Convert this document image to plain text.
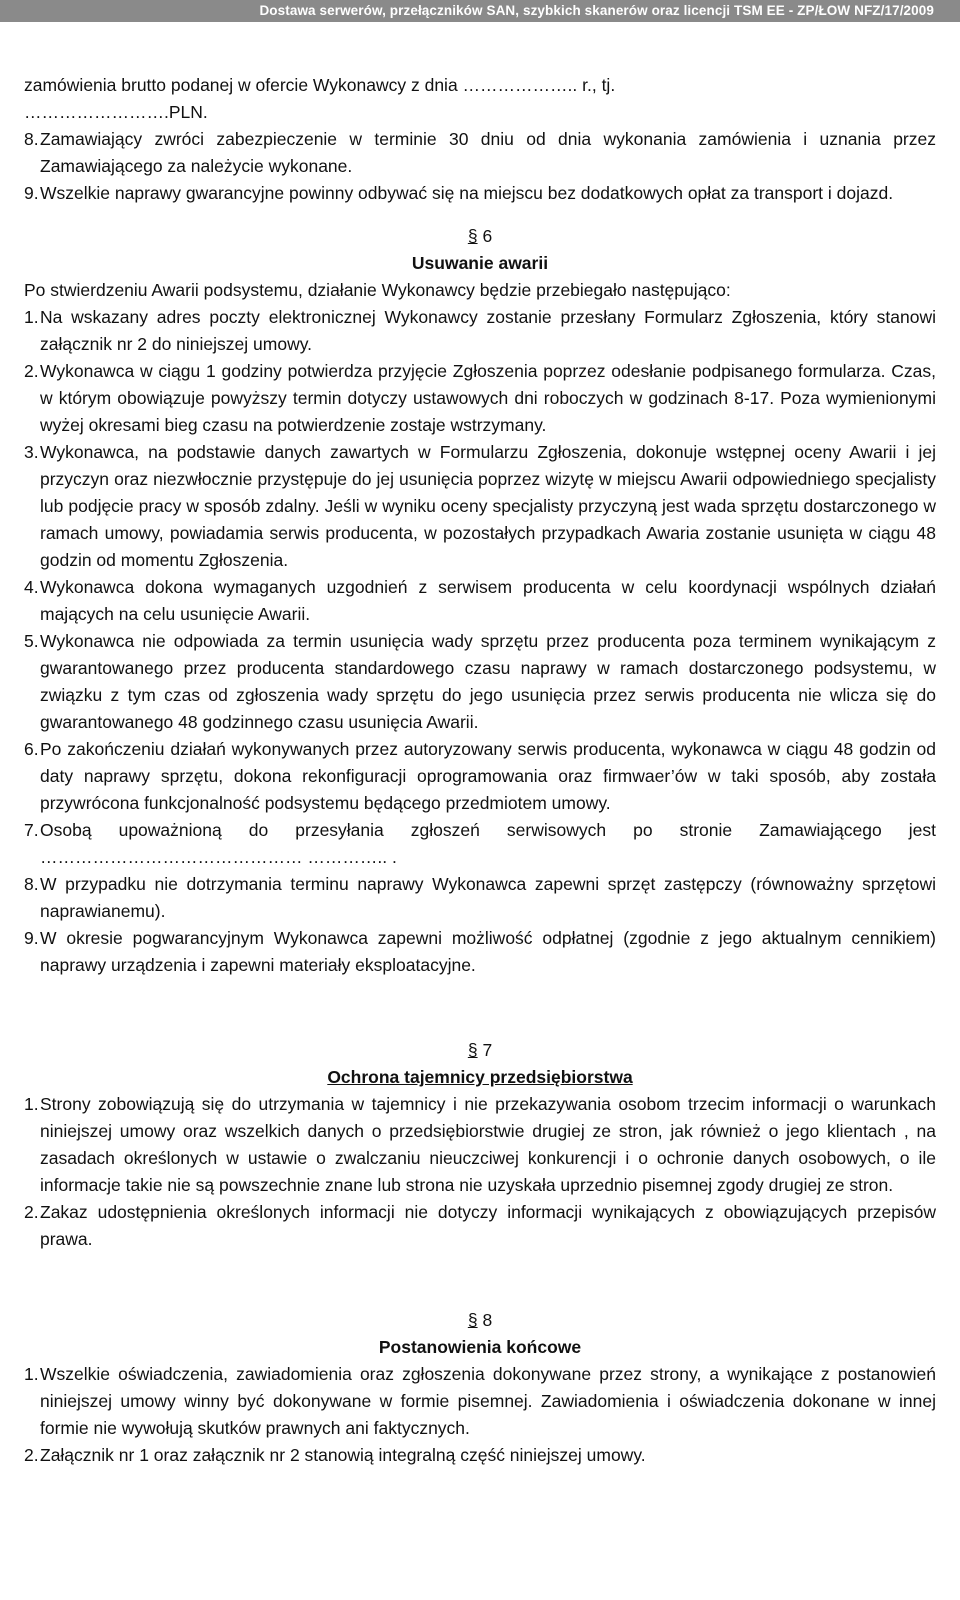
Dostawa serwerów, przełączników SAN, szybkich skanerów oraz licencji TSM EE - ZP/ŁOW NFZ/17/2009
zamówienia brutto podanej w ofercie Wykonawcy z dnia ……………….. r., tj.
…………………….PLN.
8. Zamawiający zwróci zabezpieczenie w terminie 30 dniu od dnia wykonania zamówienia i uznania przez Zamawiającego za należycie wykonane.
9. Wszelkie naprawy gwarancyjne powinny odbywać się na miejscu bez dodatkowych opłat za transport i dojazd.
§ 6
Usuwanie awarii
Po stwierdzeniu Awarii podsystemu, działanie Wykonawcy będzie przebiegało następująco:
1. Na wskazany adres poczty elektronicznej Wykonawcy zostanie przesłany Formularz Zgłoszenia, który stanowi załącznik nr 2 do niniejszej umowy.
2. Wykonawca w ciągu 1 godziny potwierdza przyjęcie Zgłoszenia poprzez odesłanie podpisanego formularza. Czas, w którym obowiązuje powyższy termin dotyczy ustawowych dni roboczych w godzinach 8-17. Poza wymienionymi wyżej okresami bieg czasu na potwierdzenie zostaje wstrzymany.
3. Wykonawca, na podstawie danych zawartych w Formularzu Zgłoszenia, dokonuje wstępnej oceny Awarii i jej przyczyn oraz niezwłocznie przystępuje do jej usunięcia poprzez wizytę w miejscu Awarii odpowiedniego specjalisty lub podjęcie pracy w sposób zdalny. Jeśli w wyniku oceny specjalisty przyczyną jest wada sprzętu dostarczonego w ramach umowy, powiadamia serwis producenta, w pozostałych przypadkach Awaria zostanie usunięta w ciągu 48 godzin od momentu Zgłoszenia.
4. Wykonawca dokona wymaganych uzgodnień z serwisem producenta w celu koordynacji wspólnych działań mających na celu usunięcie Awarii.
5. Wykonawca nie odpowiada za termin usunięcia wady sprzętu przez producenta poza terminem wynikającym z gwarantowanego przez producenta standardowego czasu naprawy w ramach dostarczonego podsystemu, w związku z tym czas od zgłoszenia wady sprzętu do jego usunięcia przez serwis producenta nie wlicza się do gwarantowanego 48 godzinnego czasu usunięcia Awarii.
6. Po zakończeniu działań wykonywanych przez autoryzowany serwis producenta, wykonawca w ciągu 48 godzin od daty naprawy sprzętu, dokona rekonfiguracji oprogramowania oraz firmwaer’ów w taki sposób, aby została przywrócona funkcjonalność podsystemu będącego przedmiotem umowy.
7. Osobą upoważnioną do przesyłania zgłoszeń serwisowych po stronie Zamawiającego jest ……………………………………… ………….. .
8. W przypadku nie dotrzymania terminu naprawy Wykonawca zapewni sprzęt zastępczy (równoważny sprzętowi naprawianemu).
9. W okresie pogwarancyjnym Wykonawca zapewni możliwość odpłatnej (zgodnie z jego aktualnym cennikiem) naprawy urządzenia i zapewni materiały eksploatacyjne.
§ 7
Ochrona tajemnicy przedsiębiorstwa
1. Strony zobowiązują się do utrzymania w tajemnicy i nie przekazywania osobom trzecim informacji o warunkach niniejszej umowy oraz wszelkich danych o przedsiębiorstwie drugiej ze stron, jak również o jego klientach , na zasadach określonych w ustawie o zwalczaniu nieuczciwej konkurencji i o ochronie danych osobowych, o ile informacje takie nie są powszechnie znane lub strona nie uzyskała uprzednio pisemnej zgody drugiej ze stron.
2. Zakaz udostępnienia określonych informacji nie dotyczy informacji wynikających z obowiązujących przepisów prawa.
§ 8
Postanowienia końcowe
1. Wszelkie oświadczenia, zawiadomienia oraz zgłoszenia dokonywane przez strony, a wynikające z postanowień niniejszej umowy winny być dokonywane w formie pisemnej. Zawiadomienia i oświadczenia dokonane w innej formie nie wywołują skutków prawnych ani faktycznych.
2. Załącznik nr 1 oraz załącznik nr 2 stanowią integralną część niniejszej umowy.
